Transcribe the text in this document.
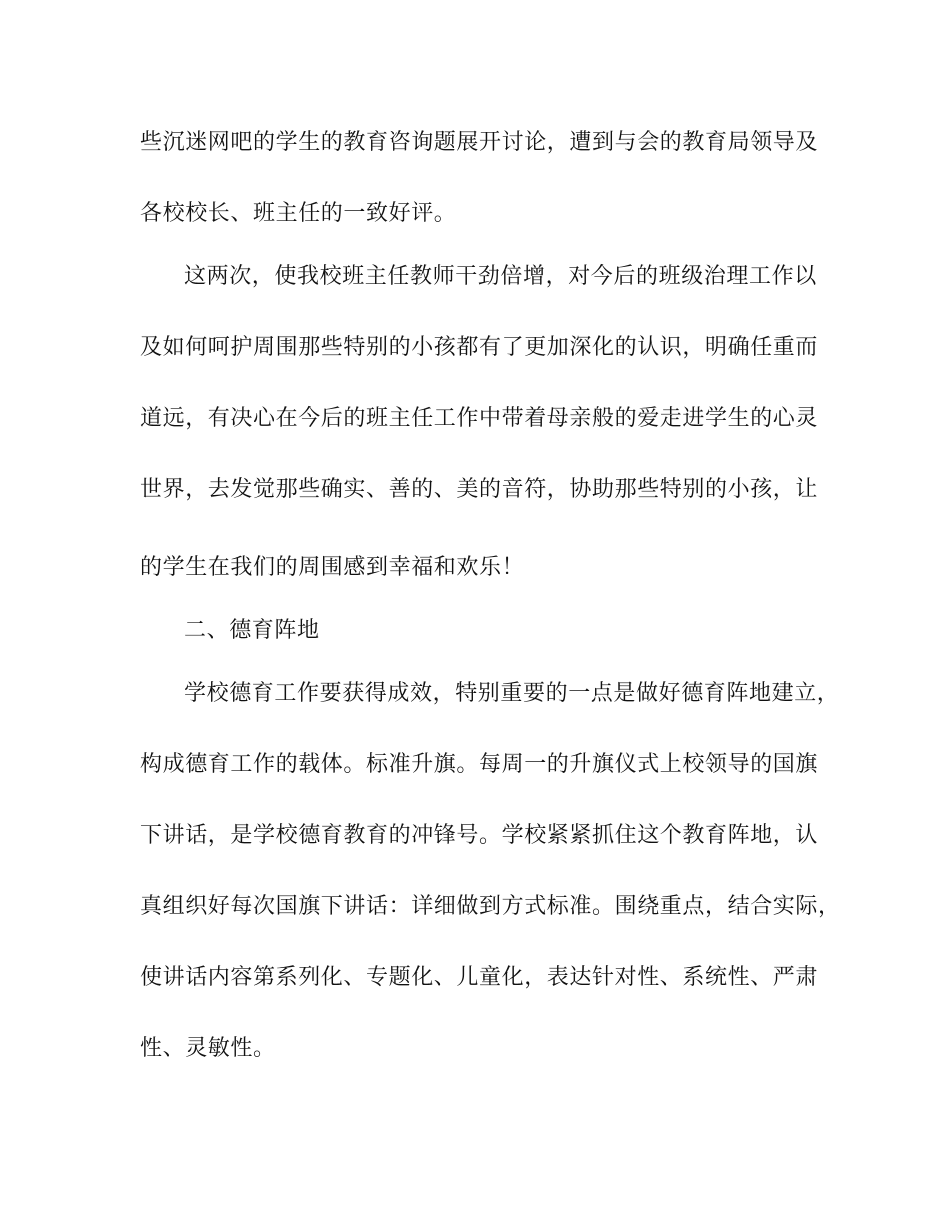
些沉迷网吧的学生的教育咨询题展开讨论，遭到与会的教育局领导及
各校校长、班主任的一致好评。
这两次，使我校班主任教师干劲倍增，对今后的班级治理工作以
及如何呵护周围那些特别的小孩都有了更加深化的认识，明确任重而
道远，有决心在今后的班主任工作中带着母亲般的爱走进学生的心灵
世界，去发觉那些确实、善的、美的音符，协助那些特别的小孩，让
的学生在我们的周围感到幸福和欢乐！
二、德育阵地
学校德育工作要获得成效，特别重要的一点是做好德育阵地建立，
构成德育工作的载体。标准升旗。每周一的升旗仪式上校领导的国旗
下讲话，是学校德育教育的冲锋号。学校紧紧抓住这个教育阵地，认
真组织好每次国旗下讲话：详细做到方式标准。围绕重点，结合实际，
使讲话内容第系列化、专题化、儿童化，表达针对性、系统性、严肃
性、灵敏性。
